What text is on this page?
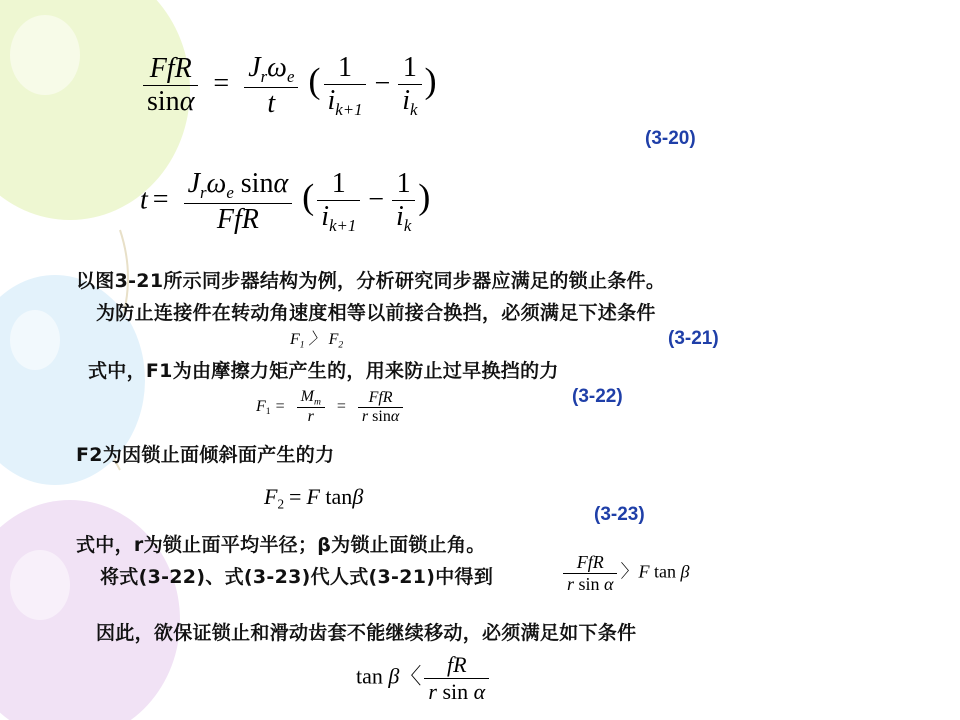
$\frac{\text{FfR}}{\sin\alpha} = \frac{J_r\omega_e}{t}$ ( $\frac{1}{i_{k+1}} - \frac{1}{i_k}$ )
(3-20)
$t = \frac{J_r\omega_e \sin\alpha}{\text{FfR}}$ ( $\frac{1}{i_{k+1}} - \frac{1}{i_k}$ )
以图3-21所示同步器结构为例，分析研究同步器应满足的锁止条件。
为防止连接件在转动角速度相等以前接合换挡，必须满足下述条件
$F_1$ 〉 $F_2$	(3-21)
式中，F1为由摩擦力矩产生的，用来防止过早换挡的力
$F_1 = \frac{M_m}{r} = \frac{\text{FfR}}{\text{r sinα}}$	(3-22)
F2为因锁止面倾斜面产生的力
$F_2 = F$ tanβ
(3-23)
式中，r为锁止面平均半径；β为锁止面锁止角。
将式(3-22)、式(3-23)代人式(3-21)中得到	$\frac{\text{FfR}}{\text{r sin α}}$ 〉F tan β
因此，欲保证锁止和滑动齿套不能继续移动，必须满足如下条件
tan β〈 $\frac{fR}{\text{r sin α}}$
